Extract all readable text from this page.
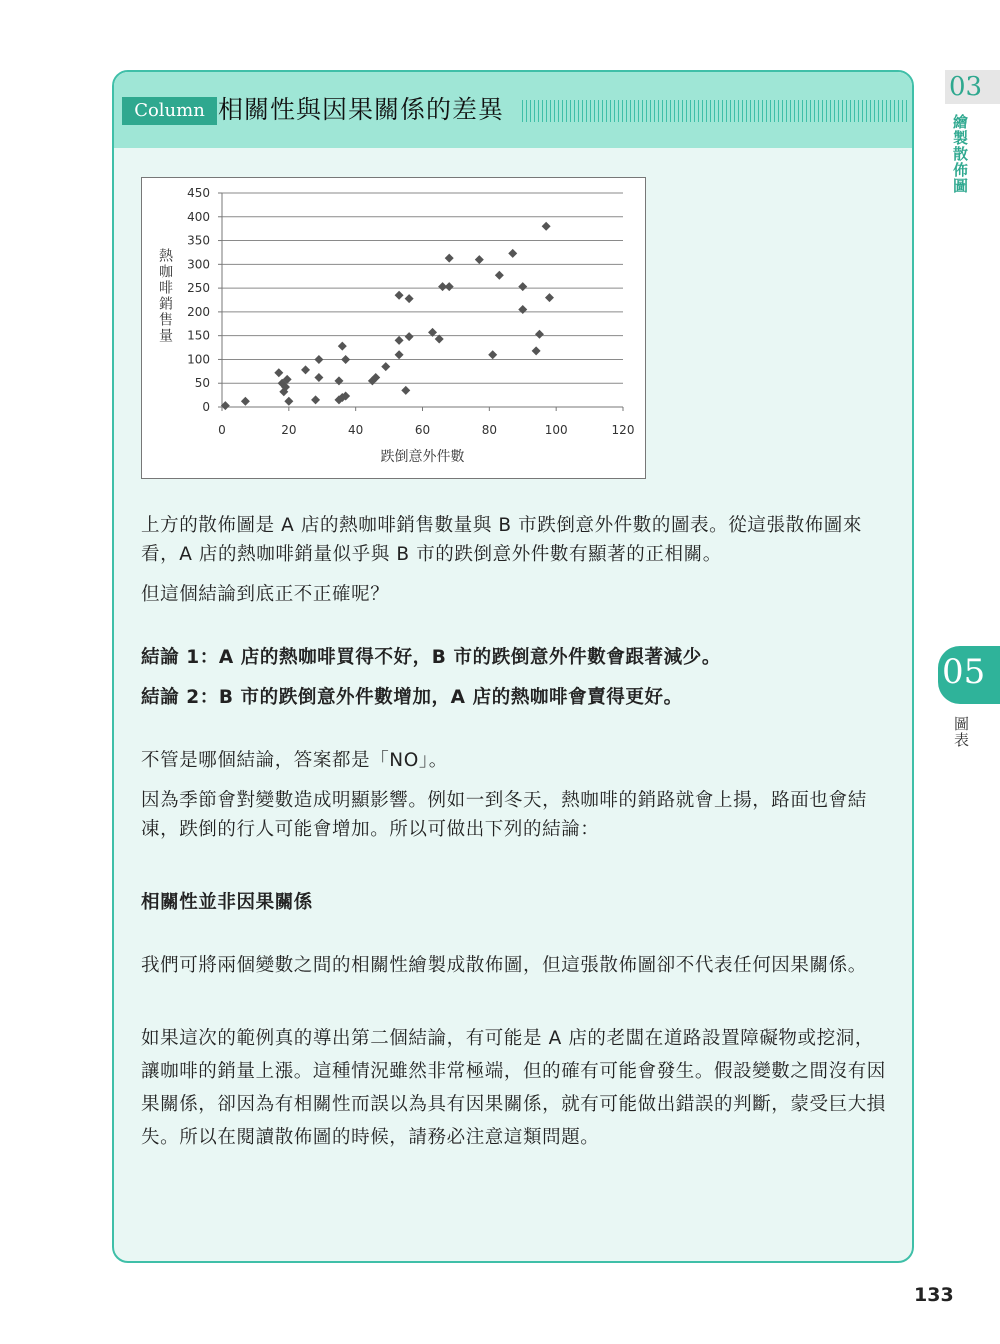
Column 相關性與因果關係的差異
0
50
100
150
200
250
300
350
400
450
0	20	40	60	80	100	120
跌倒意外件數
熱咖啡銷售量
上方的散佈圖是 A 店的熱咖啡銷售數量與 B 市跌倒意外件數的圖表。從這張散佈圖來看，A 店的熱咖啡銷量似乎與 B 市的跌倒意外件數有顯著的正相關。
但這個結論到底正不正確呢？
結論 1：A 店的熱咖啡買得不好，B 市的跌倒意外件數會跟著減少。
結論 2：B 市的跌倒意外件數增加，A 店的熱咖啡會賣得更好。
不管是哪個結論，答案都是「NO」。
因為季節會對變數造成明顯影響。例如一到冬天，熱咖啡的銷路就會上揚，路面也會結凍，跌倒的行人可能會增加。所以可做出下列的結論：
相關性並非因果關係
我們可將兩個變數之間的相關性繪製成散佈圖，但這張散佈圖卻不代表任何因果關係。
如果這次的範例真的導出第二個結論，有可能是 A 店的老闆在道路設置障礙物或挖洞，讓咖啡的銷量上漲。這種情況雖然非常極端，但的確有可能會發生。假設變數之間沒有因果關係，卻因為有相關性而誤以為具有因果關係，就有可能做出錯誤的判斷，蒙受巨大損失。所以在閱讀散佈圖的時候，請務必注意這類問題。
03
繪製散佈圖
05
圖表
133
